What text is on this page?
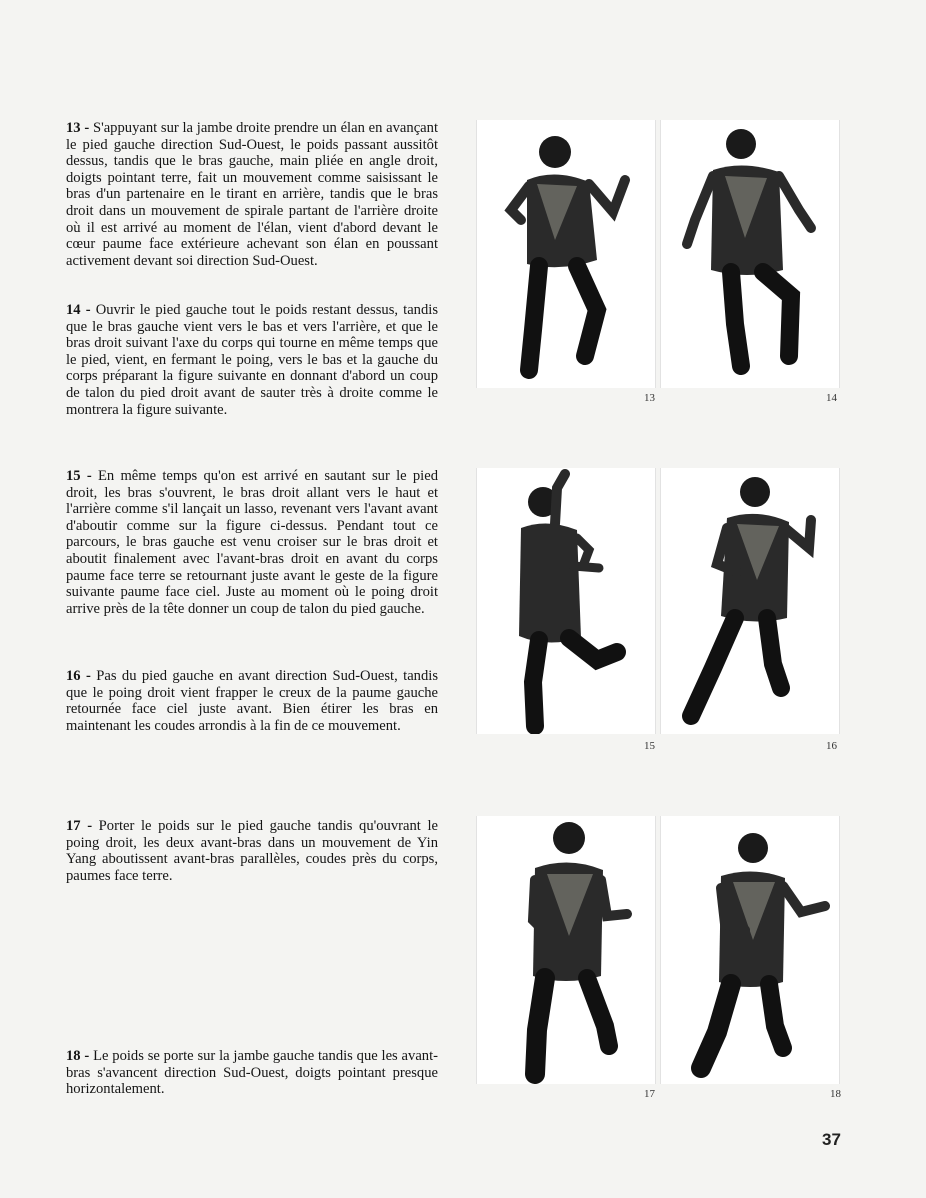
13 - S'appuyant sur la jambe droite prendre un élan en avançant le pied gauche direction Sud-Ouest, le poids passant aussitôt dessus, tandis que le bras gauche, main pliée en angle droit, doigts pointant terre, fait un mouvement comme saisissant le bras d'un partenaire en le tirant en arrière, tandis que le bras droit dans un mouvement de spirale partant de l'arrière droite où il est arrivé au moment de l'élan, vient d'abord devant le cœur paume face extérieure achevant son élan en poussant activement devant soi direction Sud-Ouest.

14 - Ouvrir le pied gauche tout le poids restant dessus, tandis que le bras gauche vient vers le bas et vers l'arrière, et que le bras droit suivant l'axe du corps qui tourne en même temps que le pied, vient, en fermant le poing, vers le bas et la gauche du corps préparant la figure suivante en donnant d'abord un coup de talon du pied droit avant de sauter très à droite comme le montrera la figure suivante.

15 - En même temps qu'on est arrivé en sautant sur le pied droit, les bras s'ouvrent, le bras droit allant vers le haut et l'arrière comme s'il lançait un lasso, revenant vers l'avant avant d'aboutir comme sur la figure ci-dessus. Pendant tout ce parcours, le bras gauche est venu croiser sur le bras droit et aboutit finalement avec l'avant-bras droit en avant du corps paume face terre se retournant juste avant le geste de la figure suivante paume face ciel. Juste au moment où le poing droit arrive près de la tête donner un coup de talon du pied gauche.

16 - Pas du pied gauche en avant direction Sud-Ouest, tandis que le poing droit vient frapper le creux de la paume gauche retournée face ciel juste avant. Bien étirer les bras en maintenant les coudes arrondis à la fin de ce mouvement.

17 - Porter le poids sur le pied gauche tandis qu'ouvrant le poing droit, les deux avant-bras dans un mouvement de Yin Yang aboutissent avant-bras parallèles, coudes près du corps, paumes face terre.

18 - Le poids se porte sur la jambe gauche tandis que les avant-bras s'avancent direction Sud-Ouest, doigts pointant presque horizontalement.

13	14
15	16
17	18
37
